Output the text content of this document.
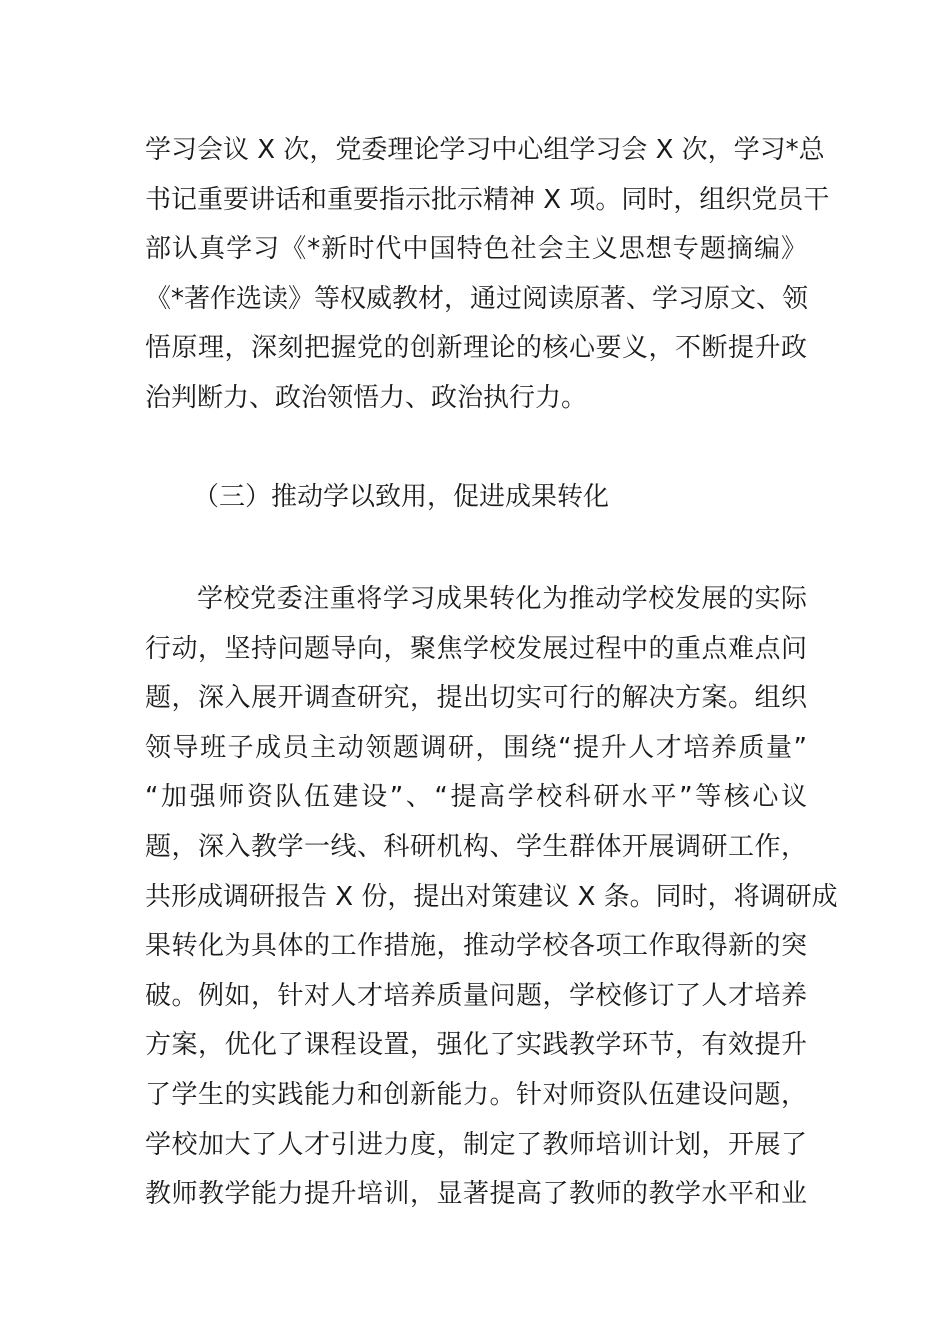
学习会议 X 次，党委理论学习中心组学习会 X 次，学习*总
书记重要讲话和重要指示批示精神 X 项。同时，组织党员干
部认真学习《*新时代中国特色社会主义思想专题摘编》
《*著作选读》等权威教材，通过阅读原著、学习原文、领
悟原理，深刻把握党的创新理论的核心要义，不断提升政
治判断力、政治领悟力、政治执行力。
（三）推动学以致用，促进成果转化
学校党委注重将学习成果转化为推动学校发展的实际
行动，坚持问题导向，聚焦学校发展过程中的重点难点问
题，深入展开调查研究，提出切实可行的解决方案。组织
领导班子成员主动领题调研，围绕“提升人才培养质量”
“加强师资队伍建设”、“提高学校科研水平”等核心议
题，深入教学一线、科研机构、学生群体开展调研工作，
共形成调研报告 X 份，提出对策建议 X 条。同时，将调研成
果转化为具体的工作措施，推动学校各项工作取得新的突
破。例如，针对人才培养质量问题，学校修订了人才培养
方案，优化了课程设置，强化了实践教学环节，有效提升
了学生的实践能力和创新能力。针对师资队伍建设问题，
学校加大了人才引进力度，制定了教师培训计划，开展了
教师教学能力提升培训，显著提高了教师的教学水平和业
